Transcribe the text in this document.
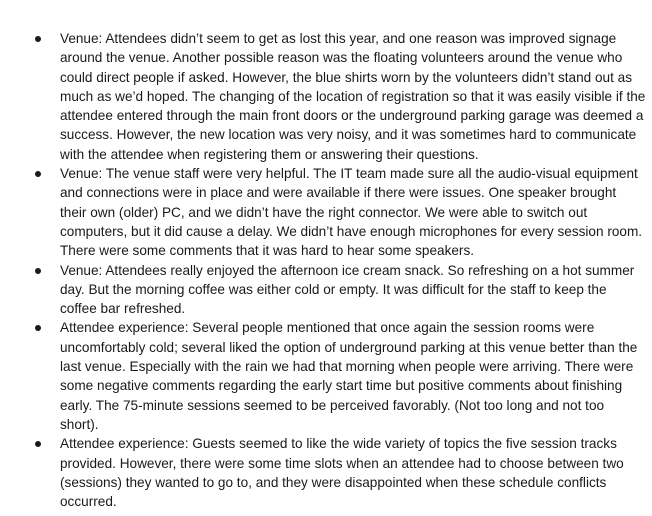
Venue: Attendees didn’t seem to get as lost this year, and one reason was improved signage around the venue. Another possible reason was the floating volunteers around the venue who could direct people if asked. However, the blue shirts worn by the volunteers didn’t stand out as much as we’d hoped. The changing of the location of registration so that it was easily visible if the attendee entered through the main front doors or the underground parking garage was deemed a success. However, the new location was very noisy, and it was sometimes hard to communicate with the attendee when registering them or answering their questions.
Venue: The venue staff were very helpful. The IT team made sure all the audio-visual equipment and connections were in place and were available if there were issues. One speaker brought their own (older) PC, and we didn’t have the right connector. We were able to switch out computers, but it did cause a delay. We didn’t have enough microphones for every session room. There were some comments that it was hard to hear some speakers.
Venue: Attendees really enjoyed the afternoon ice cream snack. So refreshing on a hot summer day. But the morning coffee was either cold or empty. It was difficult for the staff to keep the coffee bar refreshed.
Attendee experience: Several people mentioned that once again the session rooms were uncomfortably cold; several liked the option of underground parking at this venue better than the last venue. Especially with the rain we had that morning when people were arriving. There were some negative comments regarding the early start time but positive comments about finishing early. The 75-minute sessions seemed to be perceived favorably. (Not too long and not too short).
Attendee experience: Guests seemed to like the wide variety of topics the five session tracks provided. However, there were some time slots when an attendee had to choose between two (sessions) they wanted to go to, and they were disappointed when these schedule conflicts occurred.
